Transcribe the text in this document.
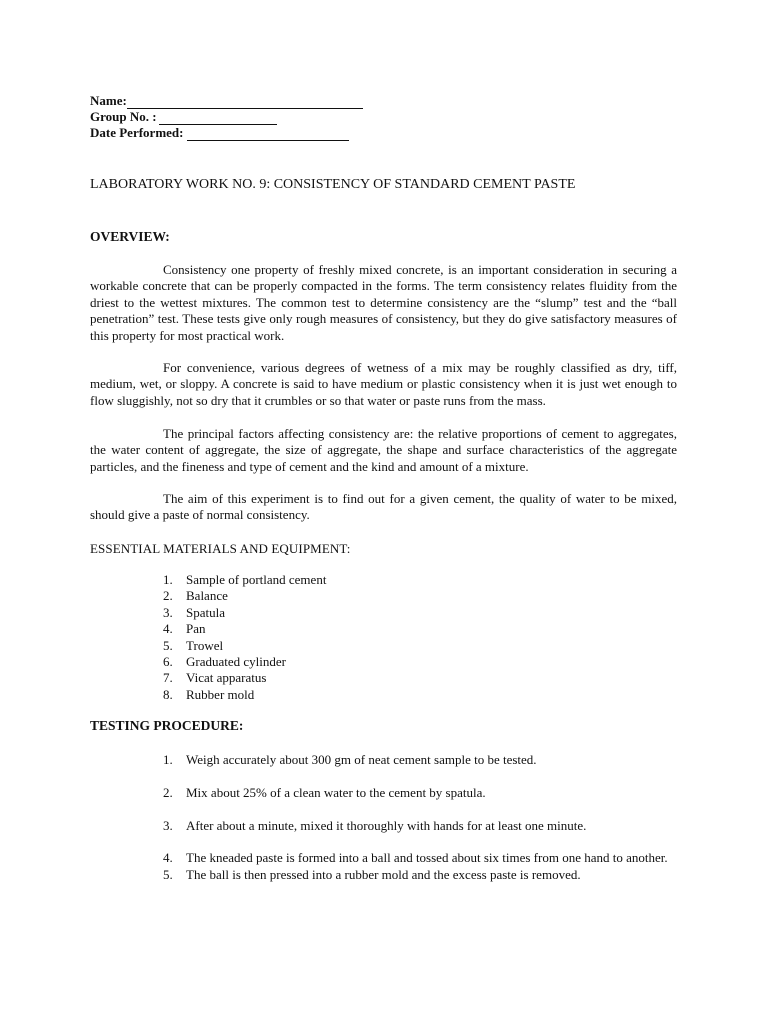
Name:
Group No. :
Date Performed:
LABORATORY WORK NO. 9: CONSISTENCY OF STANDARD CEMENT PASTE
OVERVIEW:

Consistency one property of freshly mixed concrete, is an important consideration in securing a workable concrete that can be properly compacted in the forms. The term consistency relates fluidity from the driest to the wettest mixtures. The common test to determine consistency are the “slump” test and the “ball penetration” test. These tests give only rough measures of consistency, but they do give satisfactory measures of this property for most practical work.

For convenience, various degrees of wetness of a mix may be roughly classified as dry, tiff, medium, wet, or sloppy. A concrete is said to have medium or plastic consistency when it is just wet enough to flow sluggishly, not so dry that it crumbles or so that water or paste runs from the mass.

The principal factors affecting consistency are: the relative proportions of cement to aggregates, the water content of aggregate, the size of aggregate, the shape and surface characteristics of the aggregate particles, and the fineness and type of cement and the kind and amount of a mixture.

The aim of this experiment is to find out for a given cement, the quality of water to be mixed, should give a paste of normal consistency.

ESSENTIAL MATERIALS AND EQUIPMENT:
1.	Sample of portland cement
2.	Balance
3.	Spatula
4.	Pan
5.	Trowel
6.	Graduated cylinder
7.	Vicat apparatus
8.	Rubber mold
TESTING PROCEDURE:
1.	Weigh accurately about 300 gm of neat cement sample to be tested.
2.	Mix about 25% of a clean water to the cement by spatula.
3.	After about a minute, mixed it thoroughly with hands for at least one minute.
4.	The kneaded paste is formed into a ball and tossed about six times from one hand to another.
5.	The ball is then pressed into a rubber mold and the excess paste is removed.
